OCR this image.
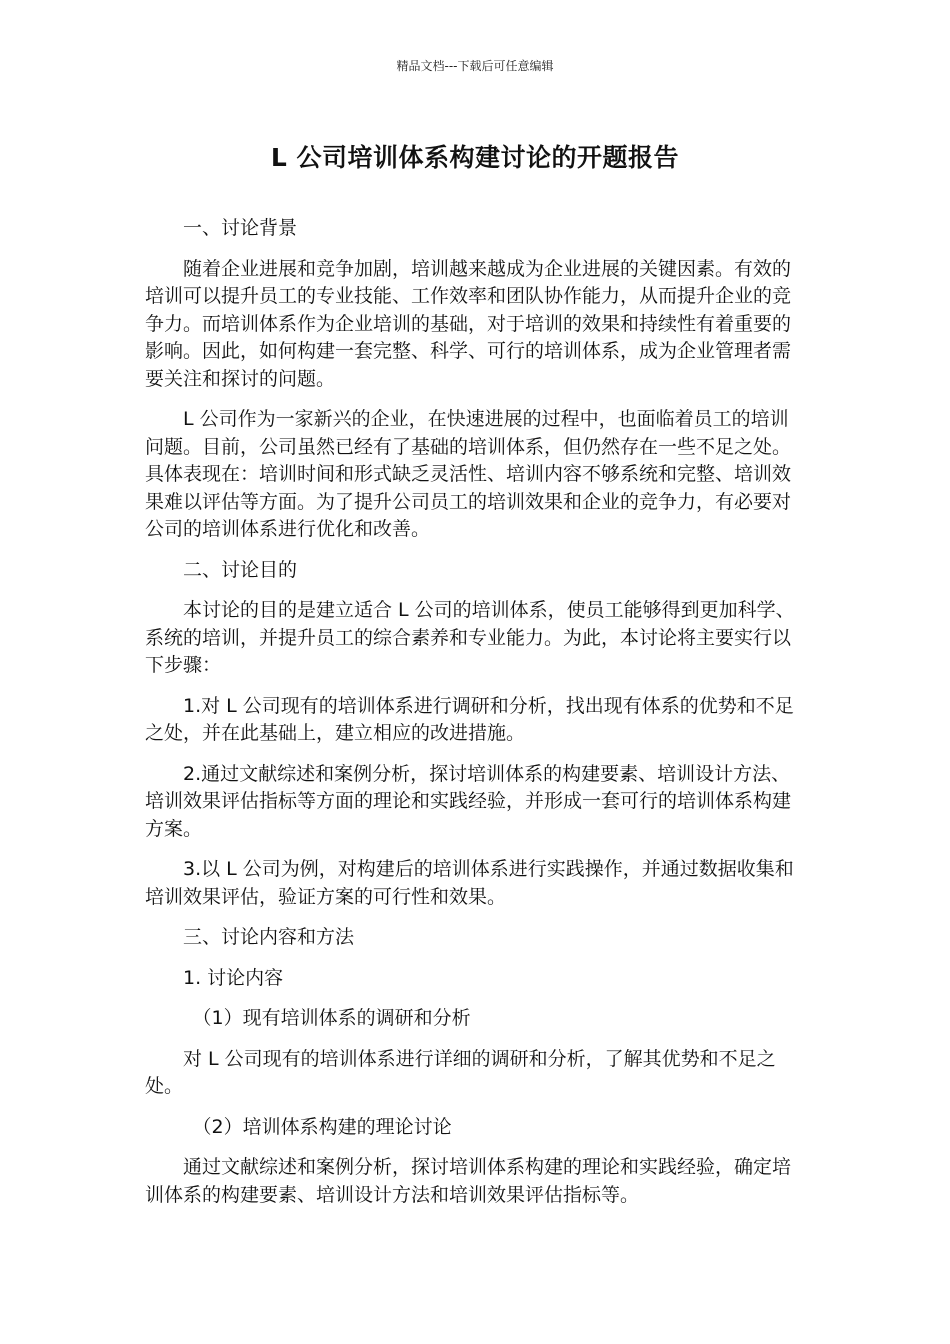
精品文档---下载后可任意编辑
L 公司培训体系构建讨论的开题报告

一、讨论背景

随着企业进展和竞争加剧，培训越来越成为企业进展的关键因素。有效的培训可以提升员工的专业技能、工作效率和团队协作能力，从而提升企业的竞争力。而培训体系作为企业培训的基础，对于培训的效果和持续性有着重要的影响。因此，如何构建一套完整、科学、可行的培训体系，成为企业管理者需要关注和探讨的问题。

L 公司作为一家新兴的企业，在快速进展的过程中，也面临着员工的培训问题。目前，公司虽然已经有了基础的培训体系，但仍然存在一些不足之处。具体表现在：培训时间和形式缺乏灵活性、培训内容不够系统和完整、培训效果难以评估等方面。为了提升公司员工的培训效果和企业的竞争力，有必要对公司的培训体系进行优化和改善。

二、讨论目的

本讨论的目的是建立适合 L 公司的培训体系，使员工能够得到更加科学、系统的培训，并提升员工的综合素养和专业能力。为此，本讨论将主要实行以下步骤：

1.对 L 公司现有的培训体系进行调研和分析，找出现有体系的优势和不足之处，并在此基础上，建立相应的改进措施。

2.通过文献综述和案例分析，探讨培训体系的构建要素、培训设计方法、培训效果评估指标等方面的理论和实践经验，并形成一套可行的培训体系构建方案。

3.以 L 公司为例，对构建后的培训体系进行实践操作，并通过数据收集和培训效果评估，验证方案的可行性和效果。

三、讨论内容和方法

1. 讨论内容

（1）现有培训体系的调研和分析

对 L 公司现有的培训体系进行详细的调研和分析，了解其优势和不足之处。

（2）培训体系构建的理论讨论

通过文献综述和案例分析，探讨培训体系构建的理论和实践经验，确定培训体系的构建要素、培训设计方法和培训效果评估指标等。
